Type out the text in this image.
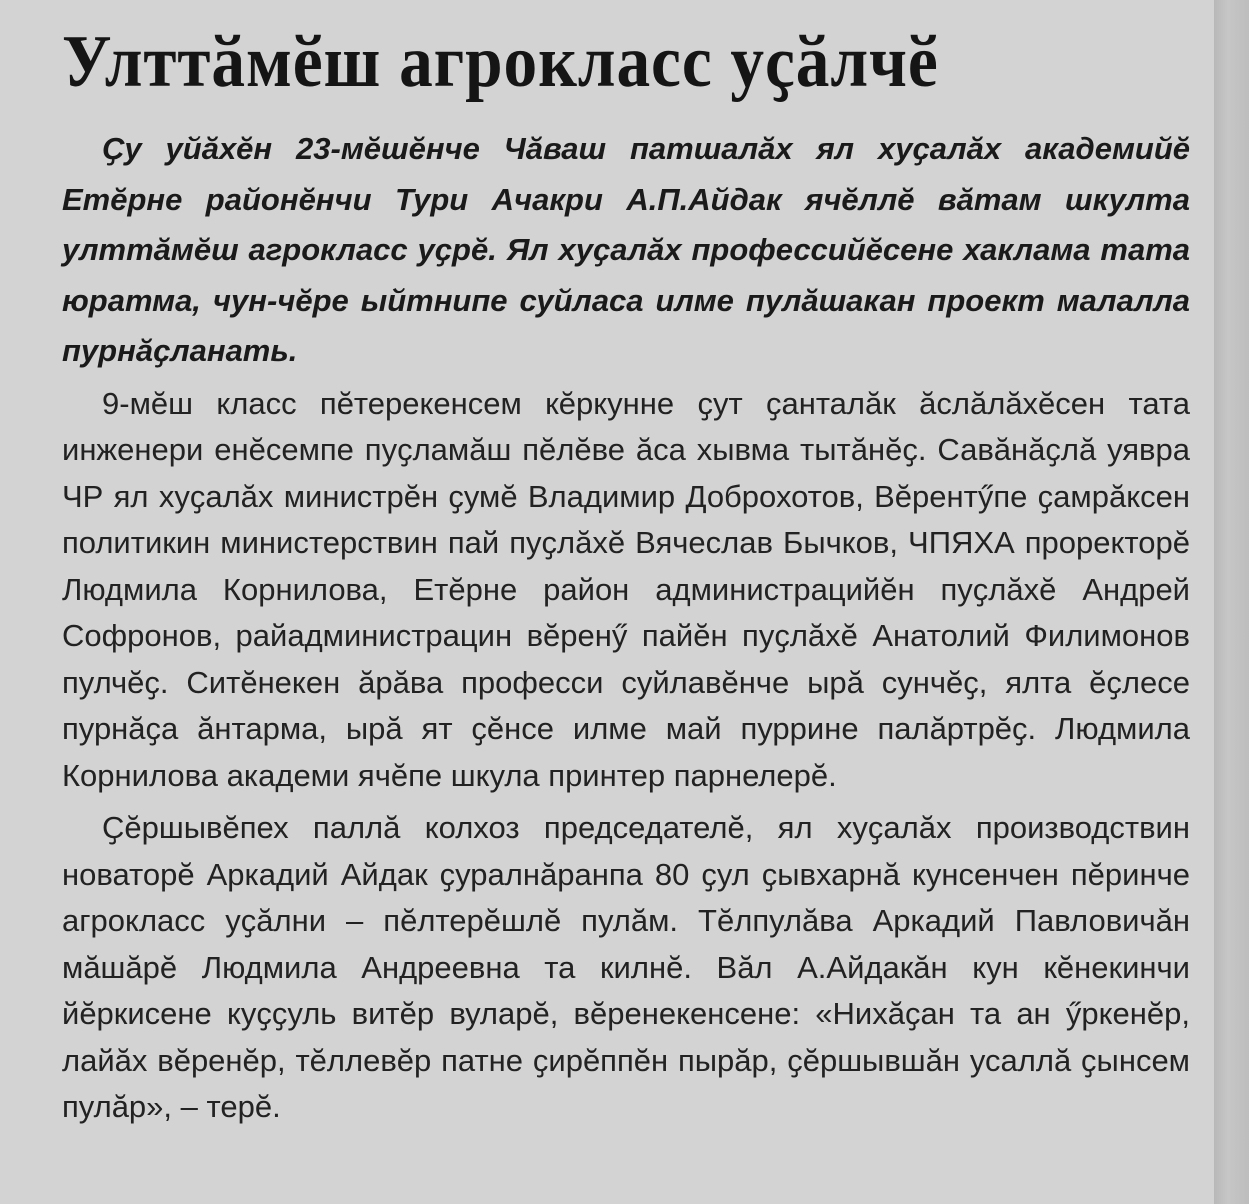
Улттӑмӗш агрокласс уҫӑлчӗ

Ҫу уйӑхӗн 23-мӗшӗнче Чӑваш патшалӑх ял хуҫалӑх академийӗ Етӗрне районӗнчи Тури Ачакри А.П.Айдак ячӗллӗ вӑтам шкулта улттӑмӗш агрокласс уҫрӗ. Ял хуҫалӑх профессийӗсене хаклама тата юратма, чун-чӗре ыйтнипе суйласа илме пулӑшакан проект малалла пурнӑҫланать.

9-мӗш класс пӗтерекенсем кӗркунне ҫут ҫанталӑк ӑслӑлӑхӗсен тата инженери енӗсемпе пуҫламӑш пӗлӗве ӑса хывма тытӑнӗҫ. Савӑнӑҫлӑ уявра ЧР ял хуҫалӑх министрӗн ҫумӗ Владимир Доброхотов, Вӗрентӳпе ҫамрӑксен политикин министерствин пай пуҫлӑхӗ Вячеслав Бычков, ЧПЯХА проректорӗ Людмила Корнилова, Етӗрне район администрацийӗн пуҫлӑхӗ Андрей Софронов, райадминистрацин вӗренӳ пайӗн пуҫлӑхӗ Анатолий Филимонов пулчӗҫ. Ситӗнекен ӑрӑва професси суйлавӗнче ырӑ сунчӗҫ, ялта ӗҫлесе пурнӑҫа ӑнтарма, ырӑ ят ҫӗнсе илме май пуррине палӑртрӗҫ. Людмила Корнилова академи ячӗпе шкула принтер парнелерӗ.

Ҫӗршывӗпех паллӑ колхоз председателӗ, ял хуҫалӑх производствин новаторӗ Аркадий Айдак ҫуралнӑранпа 80 ҫул ҫывхарнӑ кунсенчен пӗринче агрокласс уҫӑлни – пӗлтерӗшлӗ пулӑм. Тӗлпулӑва Аркадий Павловичӑн мӑшӑрӗ Людмила Андреевна та килнӗ. Вӑл А.Айдакӑн кун кӗнекинчи йӗркисене куҫҫуль витӗр вуларӗ, вӗренекенсене: «Нихӑҫан та ан ӳркенӗр, лайӑх вӗренӗр, тӗллевӗр патне ҫирӗппӗн пырӑр, ҫӗршывшӑн усаллӑ ҫынсем пулӑр», – терӗ.
